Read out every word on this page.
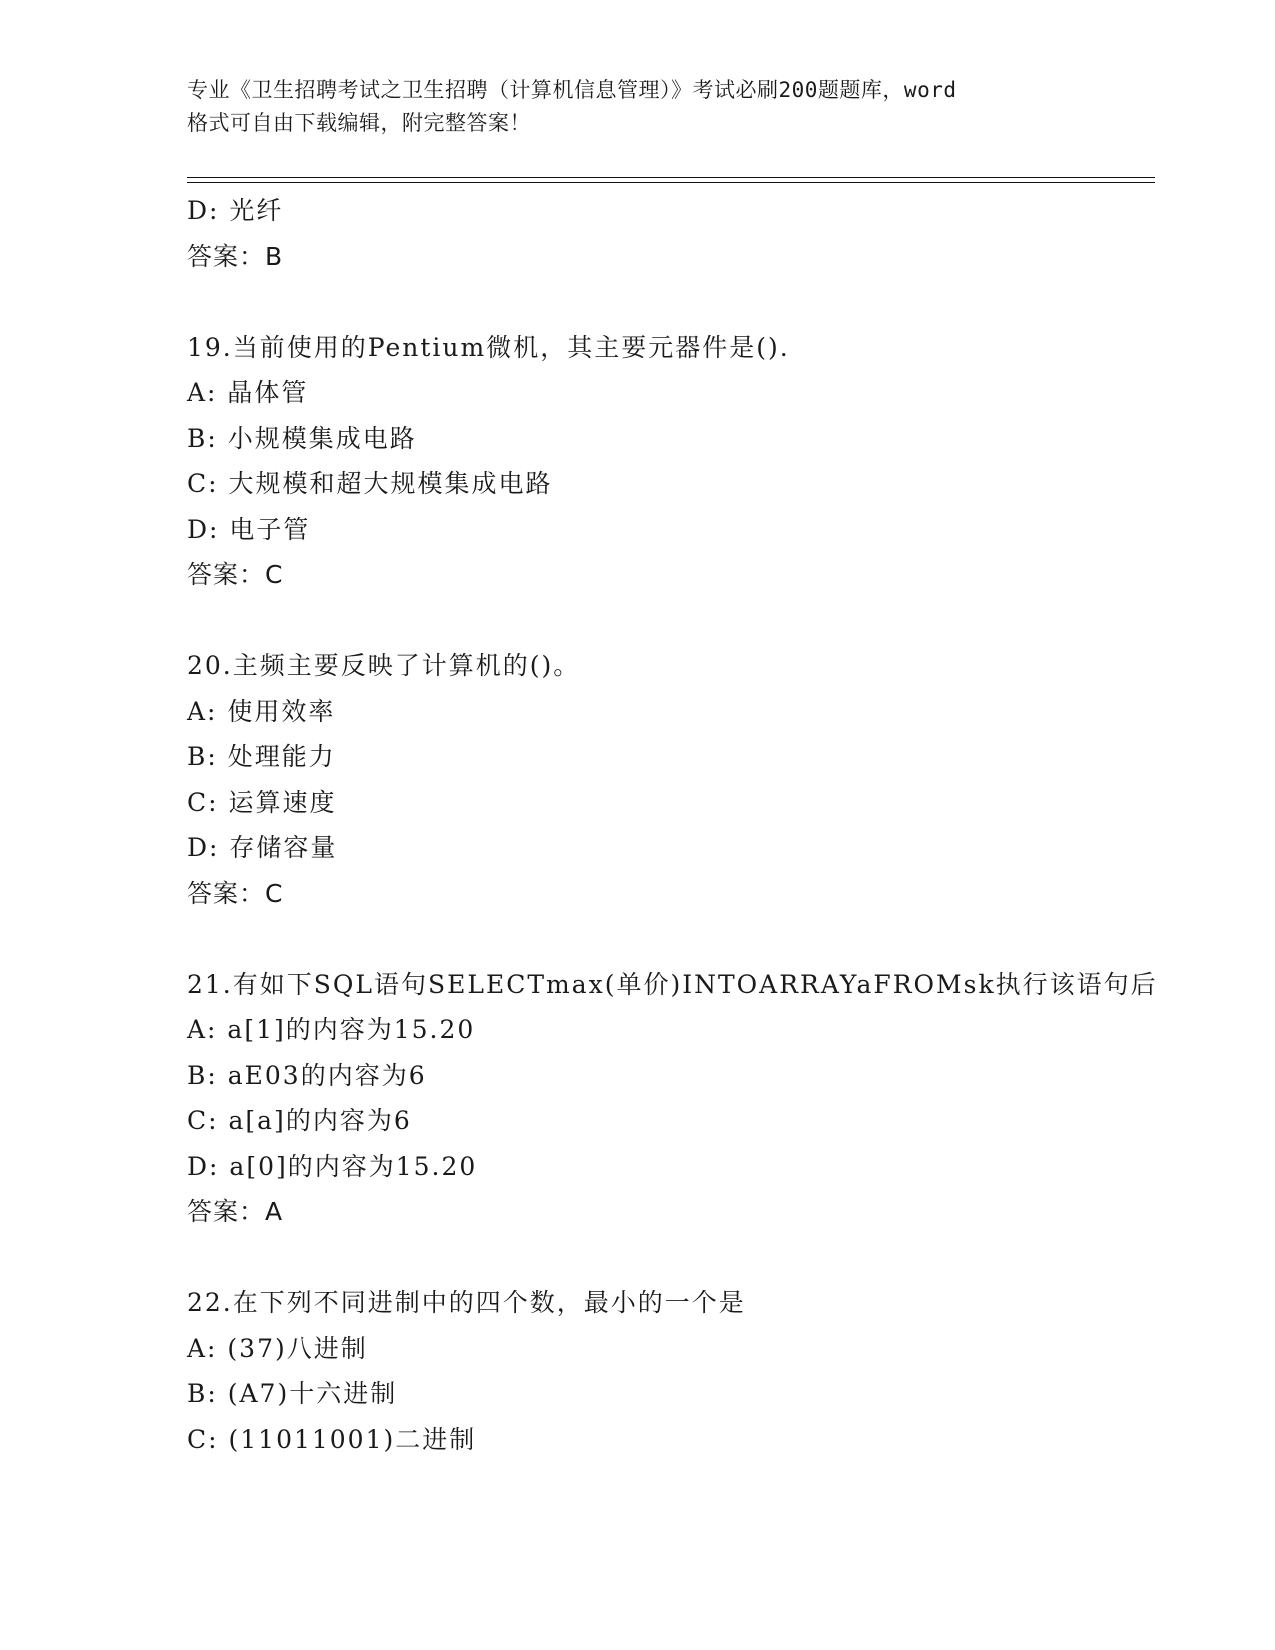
专业《卫生招聘考试之卫生招聘（计算机信息管理）》考试必刷200题题库，word
格式可自由下载编辑，附完整答案！
D: 光纤
答案：B
19.当前使用的Pentium微机，其主要元器件是().
A: 晶体管
B: 小规模集成电路
C: 大规模和超大规模集成电路
D: 电子管
答案：C
20.主频主要反映了计算机的()。
A: 使用效率
B: 处理能力
C: 运算速度
D: 存储容量
答案：C
21.有如下SQL语句SELECTmax(单价)INTOARRAYaFROMsk执行该语句后
A: a[1]的内容为15.20
B: aE03的内容为6
C: a[a]的内容为6
D: a[0]的内容为15.20
答案：A
22.在下列不同进制中的四个数，最小的一个是
A: (37)八进制
B: (A7)十六进制
C: (11011001)二进制
